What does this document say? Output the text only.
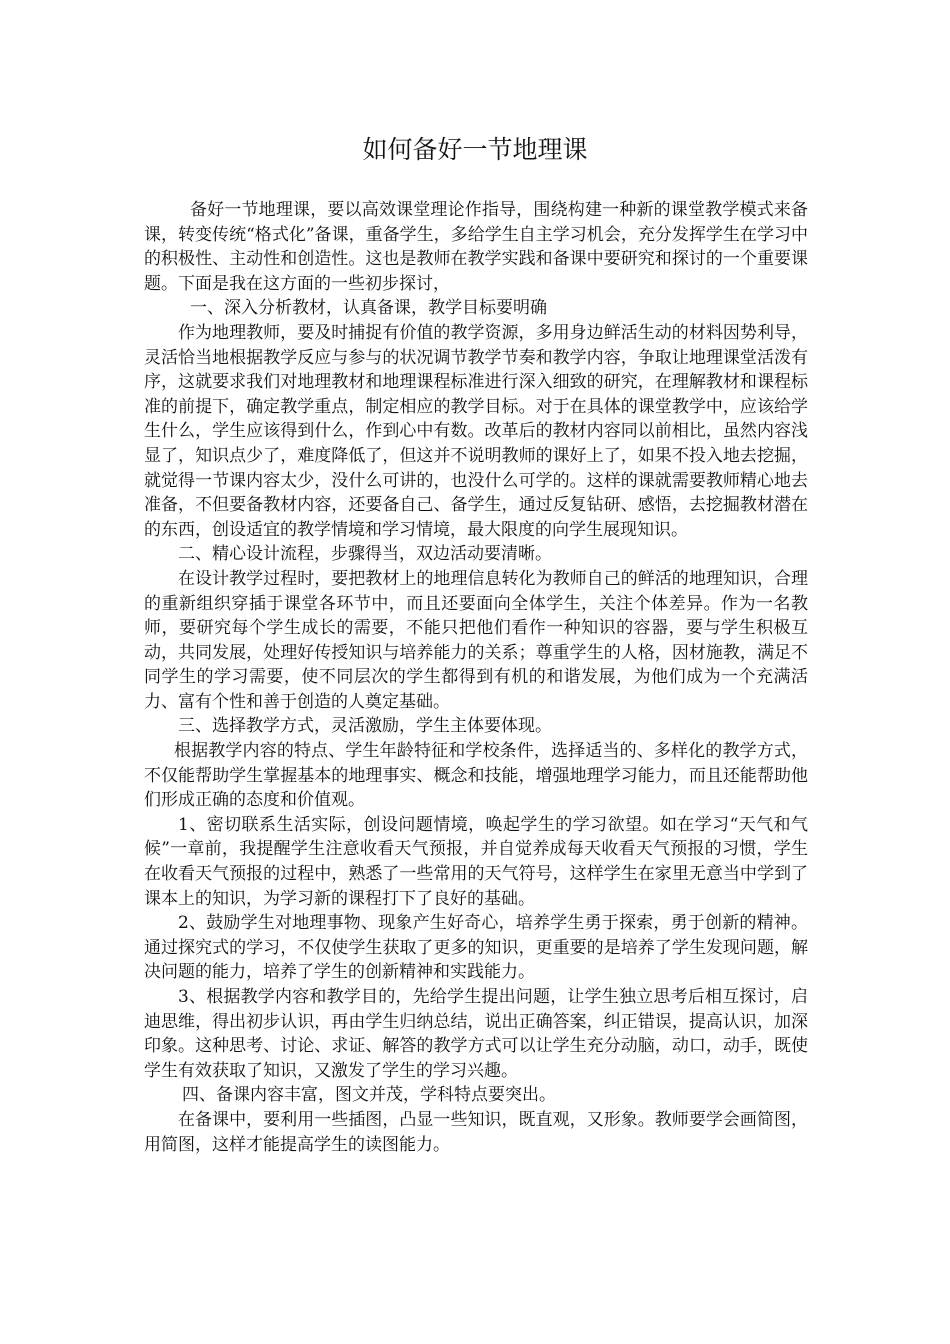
如何备好一节地理课

备好一节地理课，要以高效课堂理论作指导，围绕构建一种新的课堂教学模式来备课，转变传统“格式化”备课，重备学生，多给学生自主学习机会，充分发挥学生在学习中的积极性、主动性和创造性。这也是教师在教学实践和备课中要研究和探讨的一个重要课题。下面是我在这方面的一些初步探讨，

一、深入分析教材，认真备课，教学目标要明确

作为地理教师，要及时捕捉有价值的教学资源，多用身边鲜活生动的材料因势利导，灵活恰当地根据教学反应与参与的状况调节教学节奏和教学内容，争取让地理课堂活泼有序，这就要求我们对地理教材和地理课程标准进行深入细致的研究，在理解教材和课程标准的前提下，确定教学重点，制定相应的教学目标。对于在具体的课堂教学中，应该给学生什么，学生应该得到什么，作到心中有数。改革后的教材内容同以前相比，虽然内容浅显了，知识点少了，难度降低了，但这并不说明教师的课好上了，如果不投入地去挖掘，就觉得一节课内容太少，没什么可讲的，也没什么可学的。这样的课就需要教师精心地去准备，不但要备教材内容，还要备自己、备学生，通过反复钻研、感悟，去挖掘教材潜在的东西，创设适宜的教学情境和学习情境，最大限度的向学生展现知识。

二、精心设计流程，步骤得当，双边活动要清晰。

在设计教学过程时，要把教材上的地理信息转化为教师自己的鲜活的地理知识，合理的重新组织穿插于课堂各环节中，而且还要面向全体学生，关注个体差异。作为一名教师，要研究每个学生成长的需要，不能只把他们看作一种知识的容器，要与学生积极互动，共同发展，处理好传授知识与培养能力的关系；尊重学生的人格，因材施教，满足不同学生的学习需要，使不同层次的学生都得到有机的和谐发展，为他们成为一个充满活力、富有个性和善于创造的人奠定基础。

三、选择教学方式，灵活激励，学生主体要体现。

根据教学内容的特点、学生年龄特征和学校条件，选择适当的、多样化的教学方式，不仅能帮助学生掌握基本的地理事实、概念和技能，增强地理学习能力，而且还能帮助他们形成正确的态度和价值观。

1、密切联系生活实际，创设问题情境，唤起学生的学习欲望。如在学习“天气和气候”一章前，我提醒学生注意收看天气预报，并自觉养成每天收看天气预报的习惯，学生在收看天气预报的过程中，熟悉了一些常用的天气符号，这样学生在家里无意当中学到了课本上的知识，为学习新的课程打下了良好的基础。

2、鼓励学生对地理事物、现象产生好奇心，培养学生勇于探索，勇于创新的精神。通过探究式的学习，不仅使学生获取了更多的知识，更重要的是培养了学生发现问题，解决问题的能力，培养了学生的创新精神和实践能力。

3、根据教学内容和教学目的，先给学生提出问题，让学生独立思考后相互探讨，启迪思维，得出初步认识，再由学生归纳总结，说出正确答案，纠正错误，提高认识，加深印象。这种思考、讨论、求证、解答的教学方式可以让学生充分动脑，动口，动手，既使学生有效获取了知识，又激发了学生的学习兴趣。

四、备课内容丰富，图文并茂，学科特点要突出。

在备课中，要利用一些插图，凸显一些知识，既直观，又形象。教师要学会画简图，用简图，这样才能提高学生的读图能力。
